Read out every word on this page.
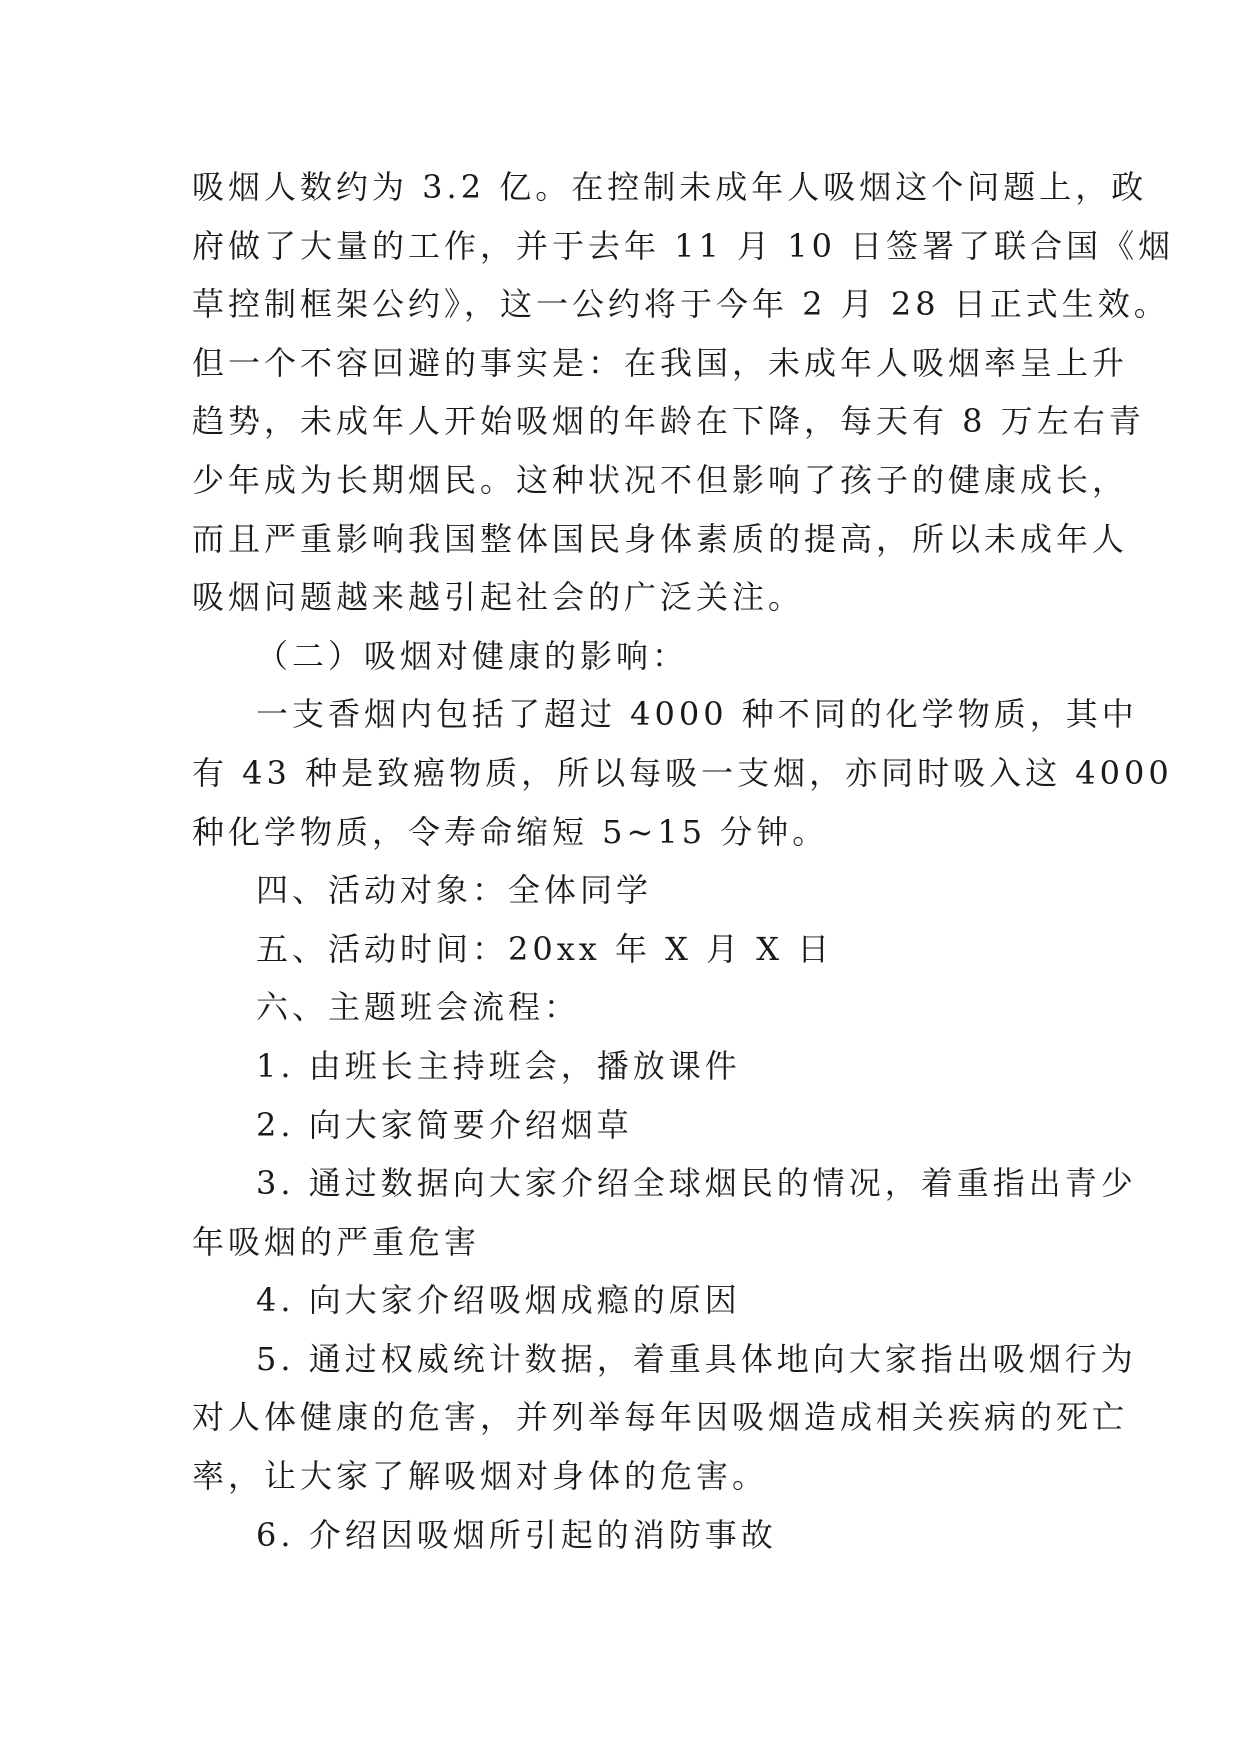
吸烟人数约为 3.2 亿。在控制未成年人吸烟这个问题上，政

府做了大量的工作，并于去年 11 月 10 日签署了联合国《烟

草控制框架公约》，这一公约将于今年 2 月 28 日正式生效。

但一个不容回避的事实是：在我国，未成年人吸烟率呈上升

趋势，未成年人开始吸烟的年龄在下降，每天有 8 万左右青

少年成为长期烟民。这种状况不但影响了孩子的健康成长，

而且严重影响我国整体国民身体素质的提高，所以未成年人

吸烟问题越来越引起社会的广泛关注。

（二）吸烟对健康的影响：

一支香烟内包括了超过 4000 种不同的化学物质，其中

有 43 种是致癌物质，所以每吸一支烟，亦同时吸入这 4000

种化学物质，令寿命缩短 5~15 分钟。

四、活动对象：全体同学

五、活动时间：20xx 年 X 月 X 日

六、主题班会流程：

1. 由班长主持班会，播放课件

2. 向大家简要介绍烟草

3. 通过数据向大家介绍全球烟民的情况，着重指出青少

年吸烟的严重危害

4. 向大家介绍吸烟成瘾的原因

5. 通过权威统计数据，着重具体地向大家指出吸烟行为

对人体健康的危害，并列举每年因吸烟造成相关疾病的死亡

率，让大家了解吸烟对身体的危害。

6. 介绍因吸烟所引起的消防事故
